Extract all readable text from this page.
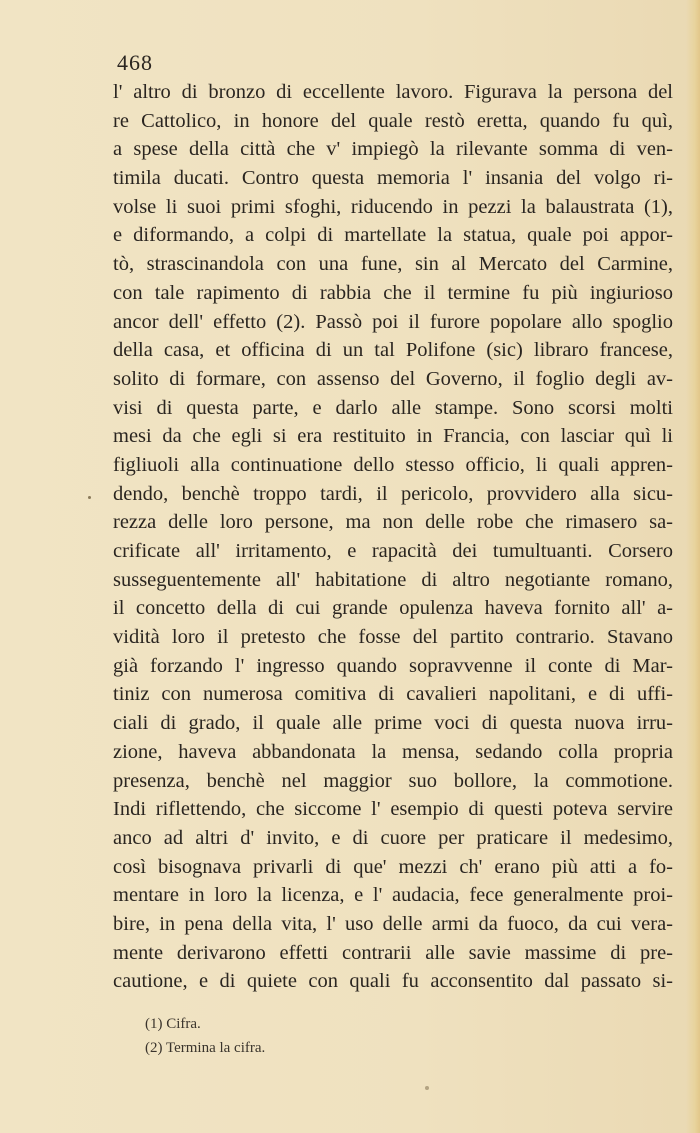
468
l' altro di bronzo di eccellente lavoro. Figurava la persona del
re Cattolico, in honore del quale restò eretta, quando fu quì,
a spese della città che v' impiegò la rilevante somma di ven-
timila ducati. Contro questa memoria l' insania del volgo ri-
volse li suoi primi sfoghi, riducendo in pezzi la balaustrata (1),
e diformando, a colpi di martellate la statua, quale poi appor-
tò, strascinandola con una fune, sin al Mercato del Carmine,
con tale rapimento di rabbia che il termine fu più ingiurioso
ancor dell' effetto (2). Passò poi il furore popolare allo spoglio
della casa, et officina di un tal Polifone (sic) libraro francese,
solito di formare, con assenso del Governo, il foglio degli av-
visi di questa parte, e darlo alle stampe. Sono scorsi molti
mesi da che egli si era restituito in Francia, con lasciar quì li
figliuoli alla continuatione dello stesso officio, li quali appren-
dendo, benchè troppo tardi, il pericolo, provvidero alla sicu-
rezza delle loro persone, ma non delle robe che rimasero sa-
crificate all' irritamento, e rapacità dei tumultuanti. Corsero
susseguentemente all' habitatione di altro negotiante romano,
il concetto della di cui grande opulenza haveva fornito all' a-
vidità loro il pretesto che fosse del partito contrario. Stavano
già forzando l' ingresso quando sopravvenne il conte di Mar-
tiniz con numerosa comitiva di cavalieri napolitani, e di uffi-
ciali di grado, il quale alle prime voci di questa nuova irru-
zione, haveva abbandonata la mensa, sedando colla propria
presenza, benchè nel maggior suo bollore, la commotione.
Indi riflettendo, che siccome l' esempio di questi poteva servire
anco ad altri d' invito, e di cuore per praticare il medesimo,
così bisognava privarli di que' mezzi ch' erano più atti a fo-
mentare in loro la licenza, e l' audacia, fece generalmente proi-
bire, in pena della vita, l' uso delle armi da fuoco, da cui vera-
mente derivarono effetti contrarii alle savie massime di pre-
cautione, e di quiete con quali fu acconsentito dal passato si-
(1) Cifra.
(2) Termina la cifra.
